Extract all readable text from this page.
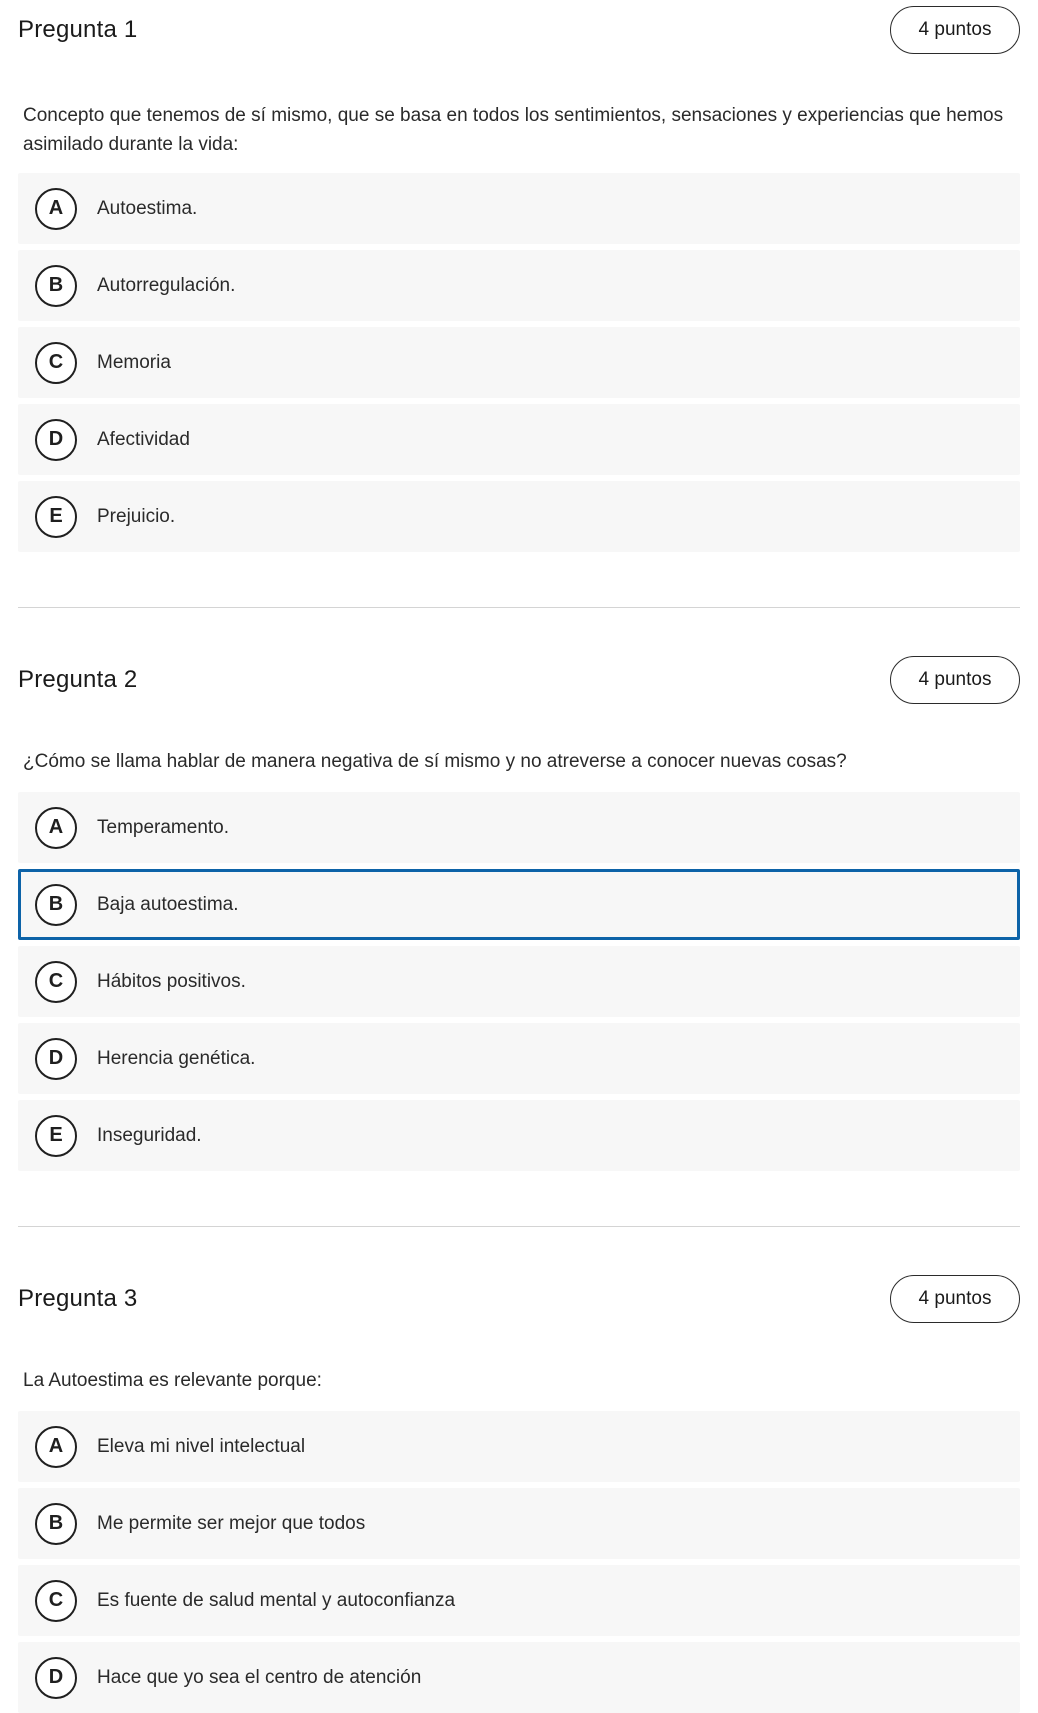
Pregunta 1	4 puntos
Concepto que tenemos de sí mismo, que se basa en todos los sentimientos, sensaciones y experiencias que hemos asimilado durante la vida:
A	Autoestima.
B	Autorregulación.
C	Memoria
D	Afectividad
E	Prejuicio.
Pregunta 2	4 puntos
¿Cómo se llama hablar de manera negativa de sí mismo y no atreverse a conocer nuevas cosas?
A	Temperamento.
B	Baja autoestima.
C	Hábitos positivos.
D	Herencia genética.
E	Inseguridad.
Pregunta 3	4 puntos
La Autoestima es relevante porque:
A	Eleva mi nivel intelectual
B	Me permite ser mejor que todos
C	Es fuente de salud mental y autoconfianza
D	Hace que yo sea el centro de atención
